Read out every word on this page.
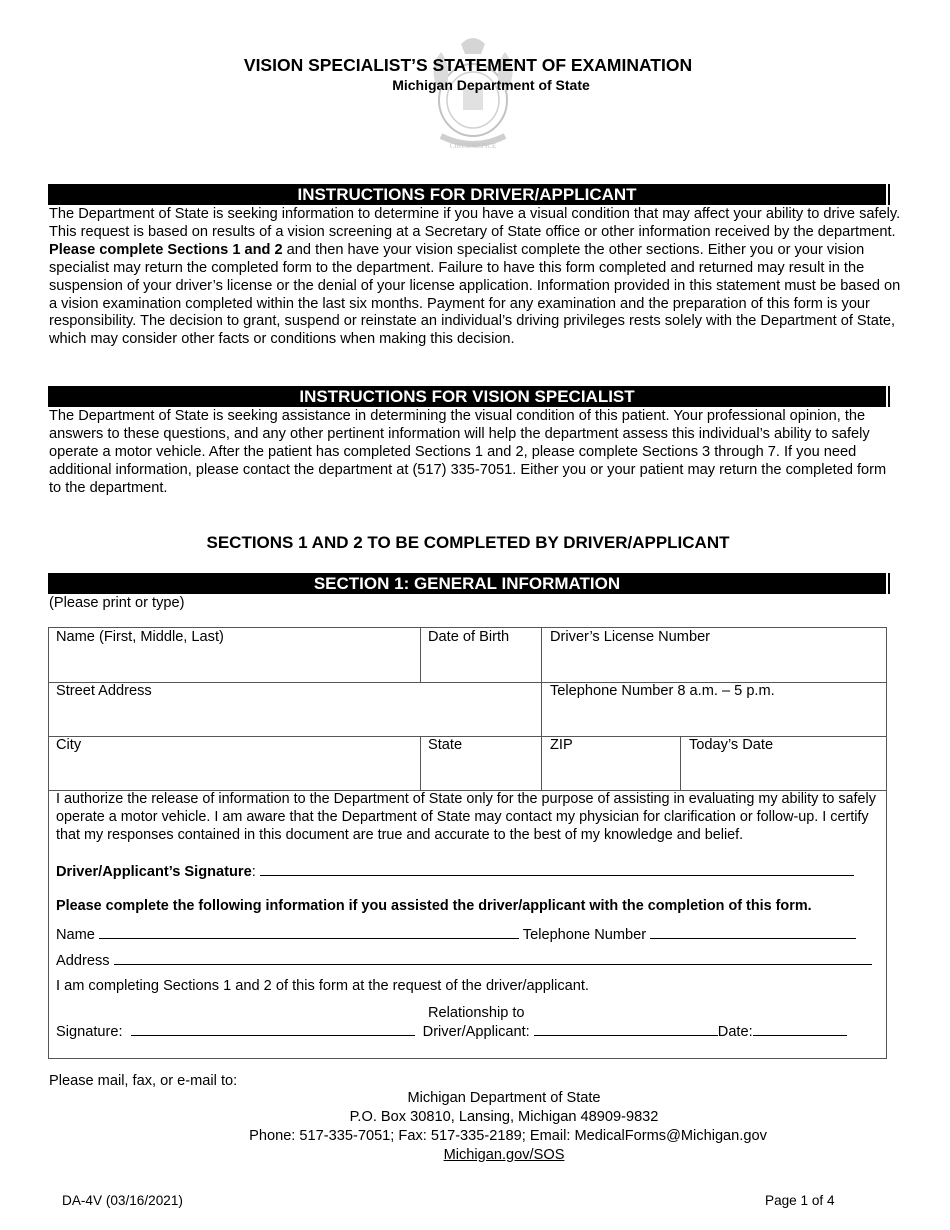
CIRCUMSPICE
VISION SPECIALIST’S STATEMENT OF EXAMINATION
Michigan Department of State
INSTRUCTIONS FOR DRIVER/APPLICANT

The Department of State is seeking information to determine if you have a visual condition that may affect your ability to drive safely. This request is based on results of a vision screening at a Secretary of State office or other information received by the department. Please complete Sections 1 and 2 and then have your vision specialist complete the other sections. Either you or your vision specialist may return the completed form to the department. Failure to have this form completed and returned may result in the suspension of your driver’s license or the denial of your license application. Information provided in this statement must be based on a vision examination completed within the last six months. Payment for any examination and the preparation of this form is your responsibility. The decision to grant, suspend or reinstate an individual’s driving privileges rests solely with the Department of State, which may consider other facts or conditions when making this decision.

INSTRUCTIONS FOR VISION SPECIALIST

The Department of State is seeking assistance in determining the visual condition of this patient. Your professional opinion, the answers to these questions, and any other pertinent information will help the department assess this individual’s ability to safely operate a motor vehicle. After the patient has completed Sections 1 and 2, please complete Sections 3 through 7. If you need additional information, please contact the department at (517) 335-7051. Either you or your patient may return the completed form to the department.

SECTIONS 1 AND 2 TO BE COMPLETED BY DRIVER/APPLICANT
SECTION 1: GENERAL INFORMATION
(Please print or type)
Name (First, Middle, Last)	Date of Birth	Driver’s License Number
Street Address	Telephone Number 8 a.m. – 5 p.m.
City	State	ZIP	Today’s Date

I authorize the release of information to the Department of State only for the purpose of assisting in evaluating my ability to safely operate a motor vehicle. I am aware that the Department of State may contact my physician for clarification or follow-up. I certify that my responses contained in this document are true and accurate to the best of my knowledge and belief.

Driver/Applicant’s Signature:
Please complete the following information if you assisted the driver/applicant with the completion of this form.
Name	Telephone Number
Address
I am completing Sections 1 and 2 of this form at the request of the driver/applicant.
Relationship to
Signature:	Driver/Applicant:	Date:
Please mail, fax, or e-mail to:
Michigan Department of State
P.O. Box 30810, Lansing, Michigan 48909-9832
Phone: 517-335-7051; Fax: 517-335-2189; Email: MedicalForms@Michigan.gov
Michigan.gov/SOS
DA-4V (03/16/2021)	Page 1 of 4
